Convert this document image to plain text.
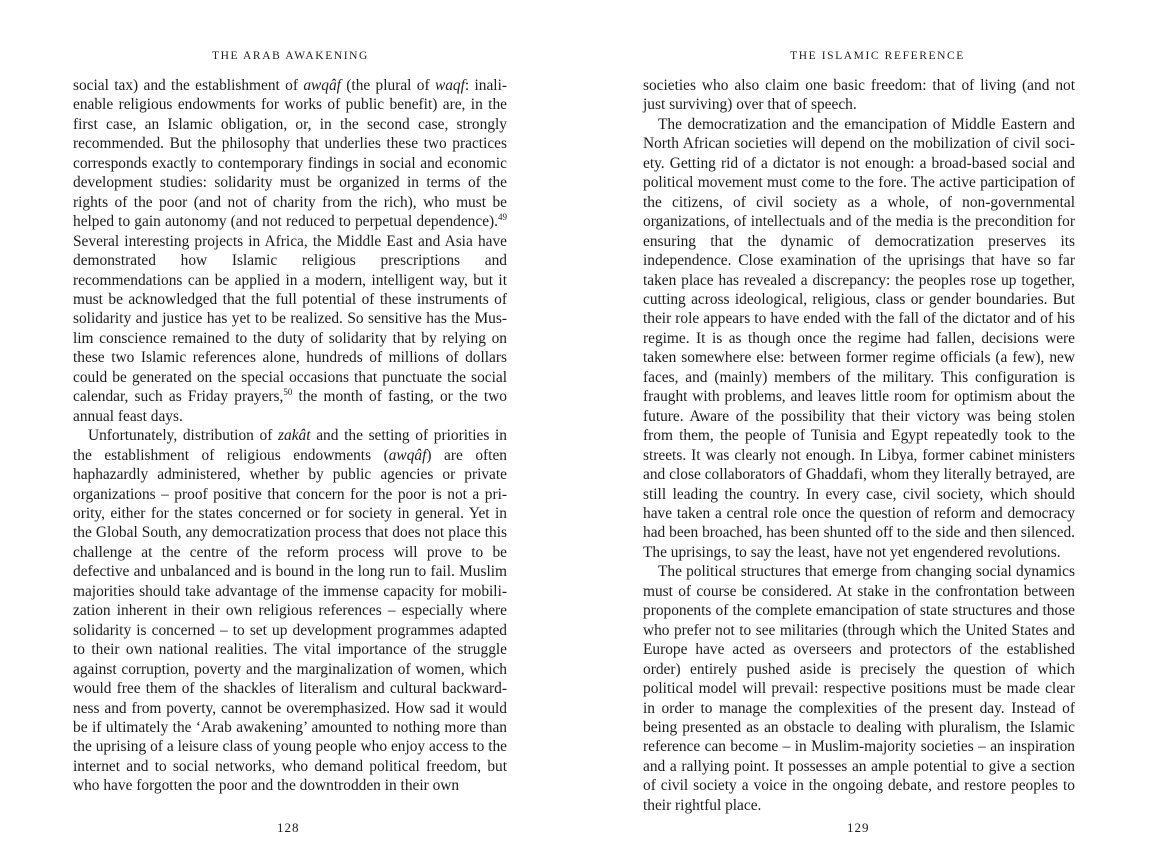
THE ARAB AWAKENING

social tax) and the establishment of awqâf (the plural of waqf: inalienable religious endowments for works of public benefit) are, in the first case, an Islamic obligation, or, in the second case, strongly recommended. But the philosophy that underlies these two practices corresponds exactly to contemporary findings in social and economic development studies: solidarity must be organized in terms of the rights of the poor (and not of charity from the rich), who must be helped to gain autonomy (and not reduced to perpetual dependence).$^{49}$ Several interesting projects in Africa, the Middle East and Asia have demonstrated how Islamic religious prescriptions and recommendations can be applied in a modern, intelligent way, but it must be acknowledged that the full potential of these instruments of solidarity and justice has yet to be realized. So sensitive has the Muslim conscience remained to the duty of solidarity that by relying on these two Islamic references alone, hundreds of millions of dollars could be generated on the special occasions that punctuate the social calendar, such as Friday prayers,$^{50}$ the month of fasting, or the two annual feast days.

Unfortunately, distribution of zakât and the setting of priorities in the establishment of religious endowments (awqâf) are often haphazardly administered, whether by public agencies or private organizations – proof positive that concern for the poor is not a priority, either for the states concerned or for society in general. Yet in the Global South, any democratization process that does not place this challenge at the centre of the reform process will prove to be defective and unbalanced and is bound in the long run to fail. Muslim majorities should take advantage of the immense capacity for mobilization inherent in their own religious references – especially where solidarity is concerned – to set up development programmes adapted to their own national realities. The vital importance of the struggle against corruption, poverty and the marginalization of women, which would free them of the shackles of literalism and cultural backwardness and from poverty, cannot be overemphasized. How sad it would be if ultimately the ‘Arab awakening’ amounted to nothing more than the uprising of a leisure class of young people who enjoy access to the internet and to social networks, who demand political freedom, but who have forgotten the poor and the downtrodden in their own

128
THE ISLAMIC REFERENCE

societies who also claim one basic freedom: that of living (and not just surviving) over that of speech.

The democratization and the emancipation of Middle Eastern and North African societies will depend on the mobilization of civil society. Getting rid of a dictator is not enough: a broad-based social and political movement must come to the fore. The active participation of the citizens, of civil society as a whole, of non-governmental organizations, of intellectuals and of the media is the precondition for ensuring that the dynamic of democratization preserves its independence. Close examination of the uprisings that have so far taken place has revealed a discrepancy: the peoples rose up together, cutting across ideological, religious, class or gender boundaries. But their role appears to have ended with the fall of the dictator and of his regime. It is as though once the regime had fallen, decisions were taken somewhere else: between former regime officials (a few), new faces, and (mainly) members of the military. This configuration is fraught with problems, and leaves little room for optimism about the future. Aware of the possibility that their victory was being stolen from them, the people of Tunisia and Egypt repeatedly took to the streets. It was clearly not enough. In Libya, former cabinet ministers and close collaborators of Ghaddafi, whom they literally betrayed, are still leading the country. In every case, civil society, which should have taken a central role once the question of reform and democracy had been broached, has been shunted off to the side and then silenced. The uprisings, to say the least, have not yet engendered revolutions.

The political structures that emerge from changing social dynamics must of course be considered. At stake in the confrontation between proponents of the complete emancipation of state structures and those who prefer not to see militaries (through which the United States and Europe have acted as overseers and protectors of the established order) entirely pushed aside is precisely the question of which political model will prevail: respective positions must be made clear in order to manage the complexities of the present day. Instead of being presented as an obstacle to dealing with pluralism, the Islamic reference can become – in Muslim-majority societies – an inspiration and a rallying point. It possesses an ample potential to give a section of civil society a voice in the ongoing debate, and restore peoples to their rightful place.

129
